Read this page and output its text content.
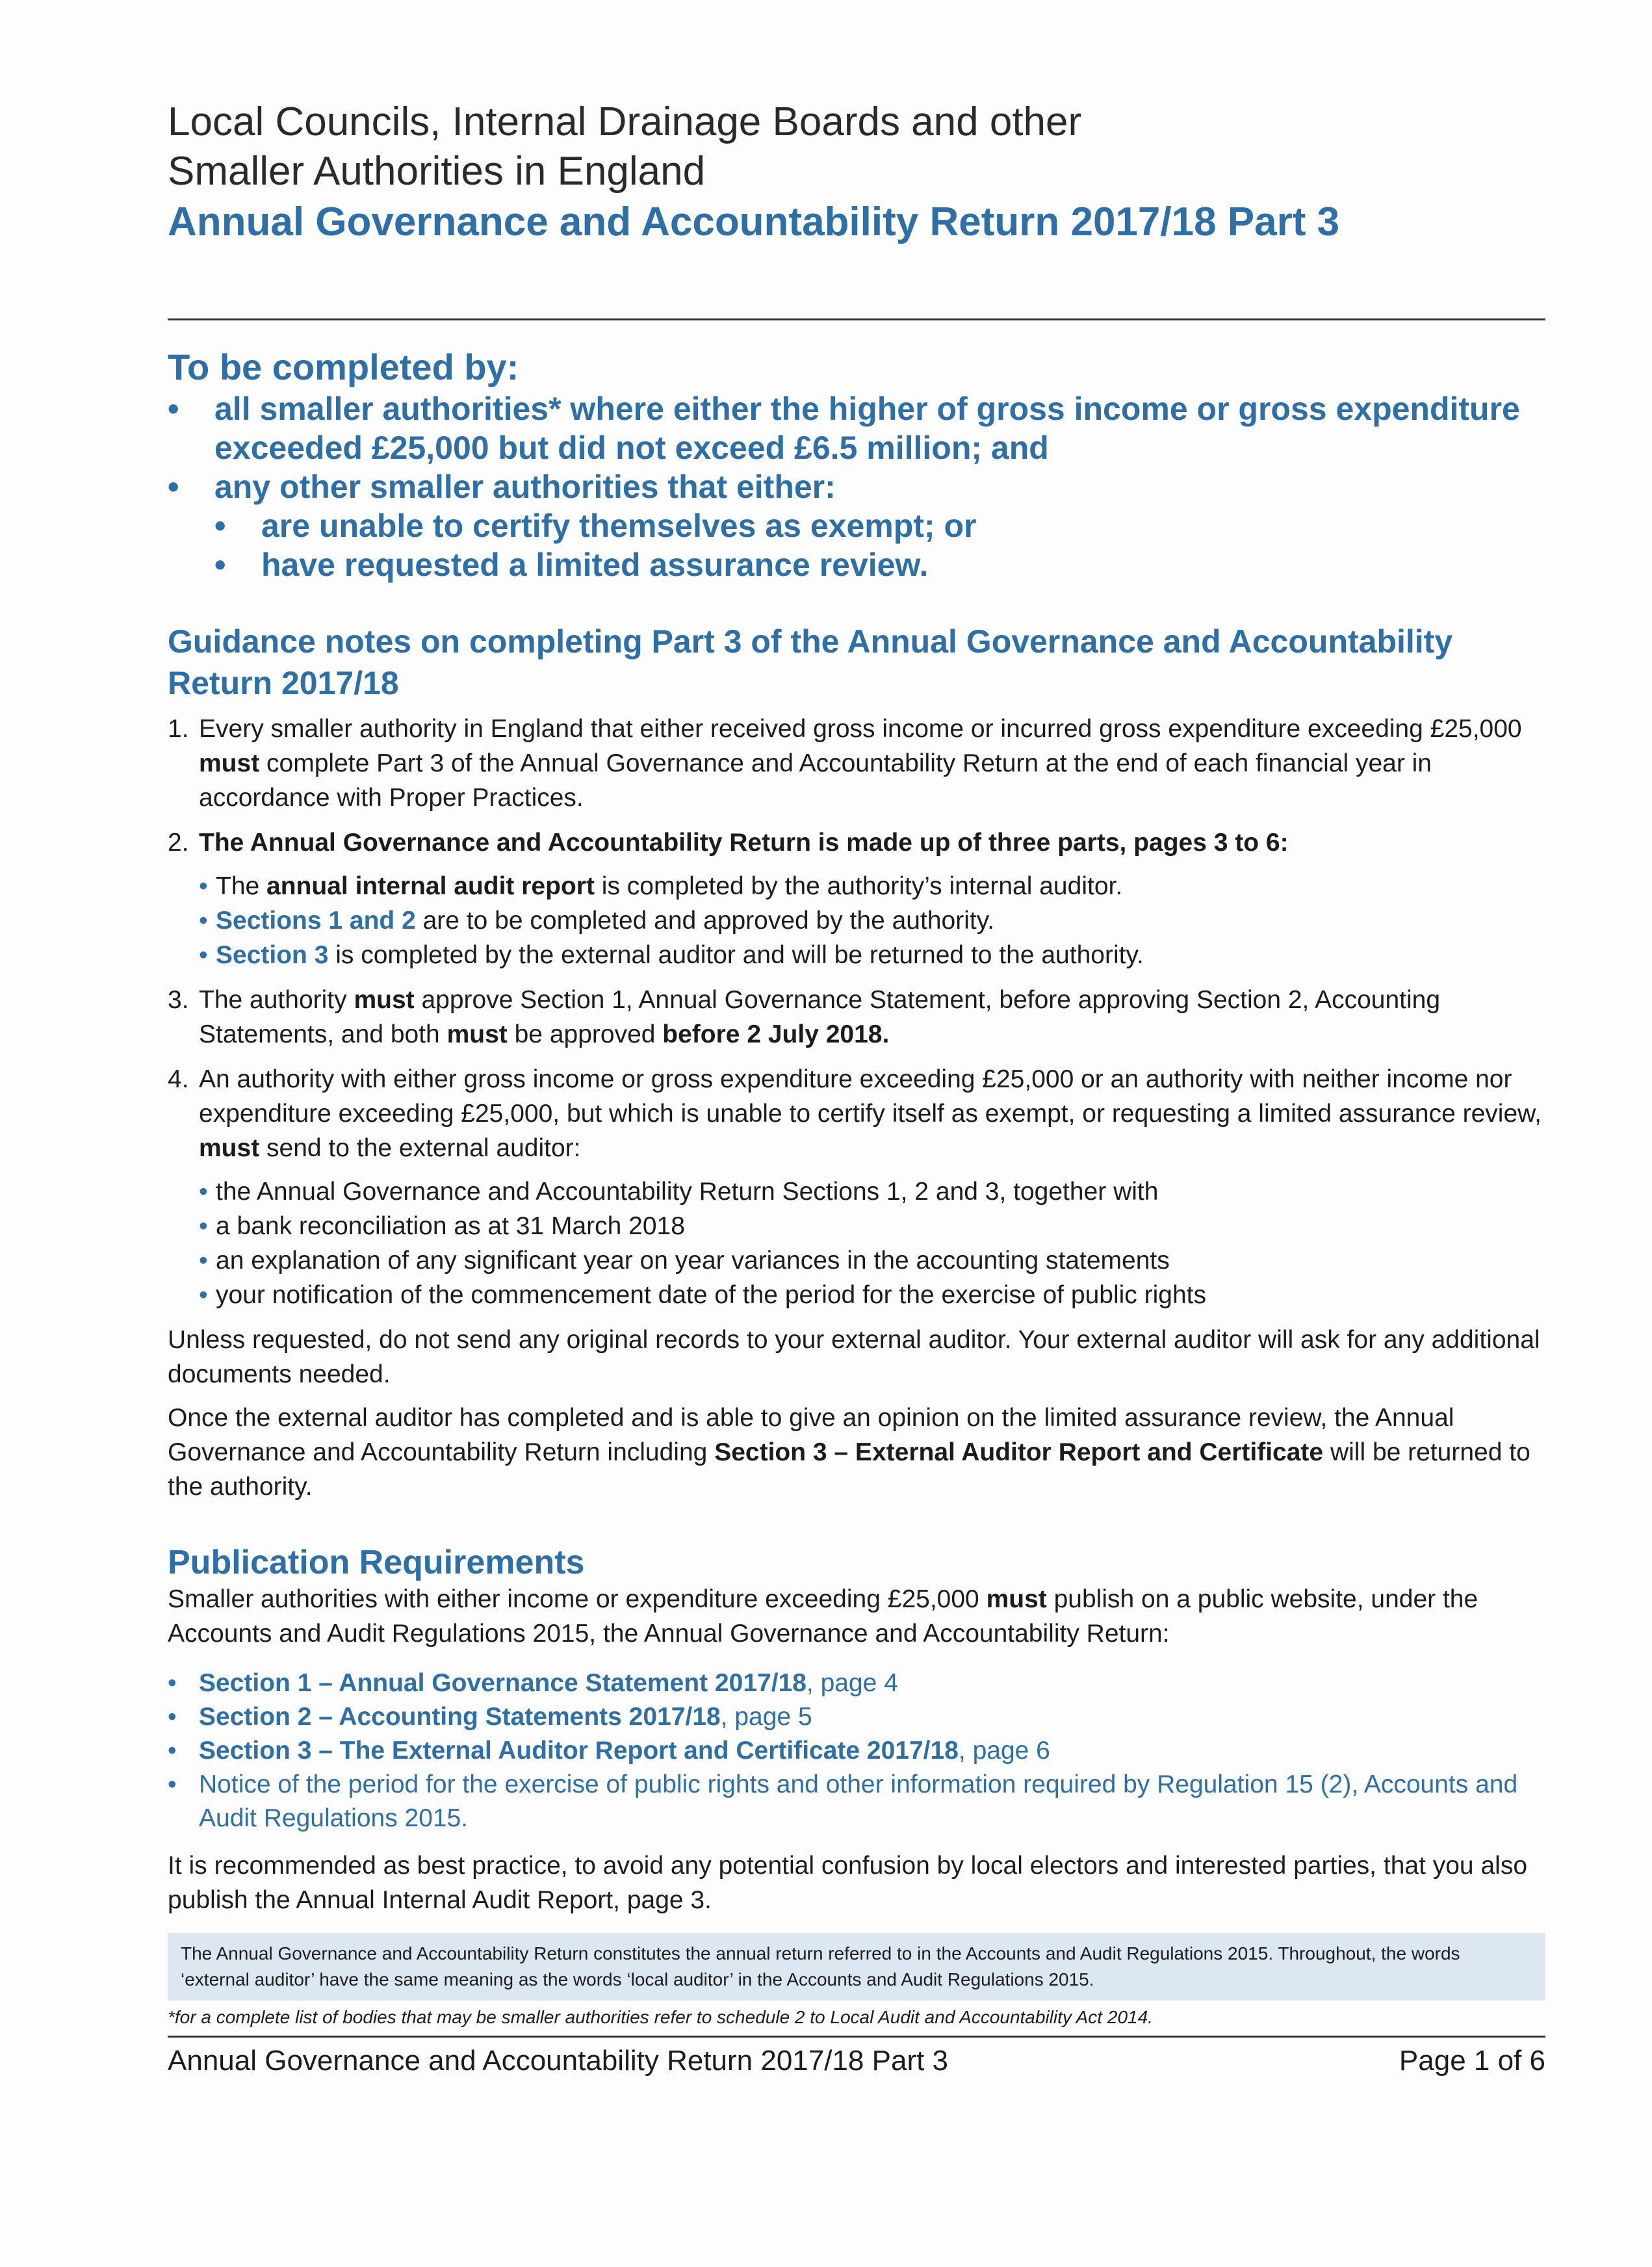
Local Councils, Internal Drainage Boards and other

Smaller Authorities in England

Annual Governance and Accountability Return 2017/18 Part 3

To be completed by:
• all smaller authorities* where either the higher of gross income or gross expenditure exceeded £25,000 but did not exceed £6.5 million; and
• any other smaller authorities that either:
• are unable to certify themselves as exempt; or
• have requested a limited assurance review.
Guidance notes on completing Part 3 of the Annual Governance and Accountability Return 2017/18
1. Every smaller authority in England that either received gross income or incurred gross expenditure exceeding £25,000 must complete Part 3 of the Annual Governance and Accountability Return at the end of each financial year in accordance with Proper Practices.
2. The Annual Governance and Accountability Return is made up of three parts, pages 3 to 6:
• The annual internal audit report is completed by the authority’s internal auditor.
• Sections 1 and 2 are to be completed and approved by the authority.
• Section 3 is completed by the external auditor and will be returned to the authority.
3. The authority must approve Section 1, Annual Governance Statement, before approving Section 2, Accounting Statements, and both must be approved before 2 July 2018.
4. An authority with either gross income or gross expenditure exceeding £25,000 or an authority with neither income nor expenditure exceeding £25,000, but which is unable to certify itself as exempt, or requesting a limited assurance review, must send to the external auditor:
• the Annual Governance and Accountability Return Sections 1, 2 and 3, together with
• a bank reconciliation as at 31 March 2018
• an explanation of any significant year on year variances in the accounting statements
• your notification of the commencement date of the period for the exercise of public rights

Unless requested, do not send any original records to your external auditor. Your external auditor will ask for any additional documents needed.

Once the external auditor has completed and is able to give an opinion on the limited assurance review, the Annual Governance and Accountability Return including Section 3 – External Auditor Report and Certificate will be returned to the authority.

Publication Requirements

Smaller authorities with either income or expenditure exceeding £25,000 must publish on a public website, under the Accounts and Audit Regulations 2015, the Annual Governance and Accountability Return:

• Section 1 – Annual Governance Statement 2017/18, page 4
• Section 2 – Accounting Statements 2017/18, page 5
• Section 3 – The External Auditor Report and Certificate 2017/18, page 6
• Notice of the period for the exercise of public rights and other information required by Regulation 15 (2), Accounts and Audit Regulations 2015.

It is recommended as best practice, to avoid any potential confusion by local electors and interested parties, that you also publish the Annual Internal Audit Report, page 3.

The Annual Governance and Accountability Return constitutes the annual return referred to in the Accounts and Audit Regulations 2015. Throughout, the words ‘external auditor’ have the same meaning as the words ‘local auditor’ in the Accounts and Audit Regulations 2015.
*for a complete list of bodies that may be smaller authorities refer to schedule 2 to Local Audit and Accountability Act 2014.
Annual Governance and Accountability Return 2017/18 Part 3	Page 1 of 6
